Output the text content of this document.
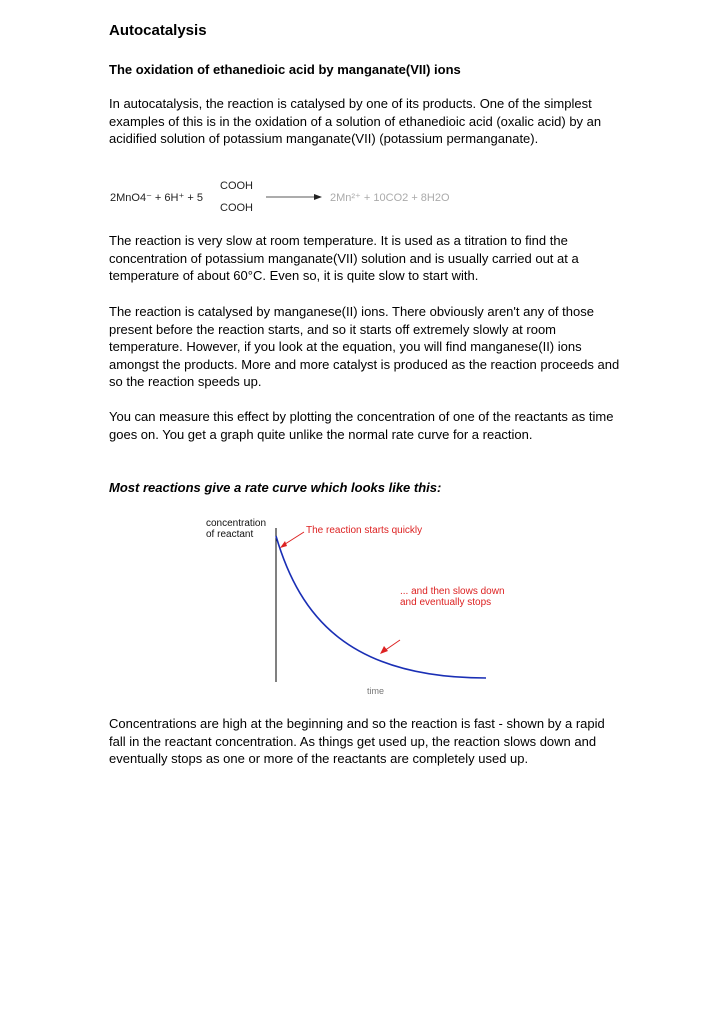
Autocatalysis
The oxidation of ethanedioic acid by manganate(VII) ions

In autocatalysis, the reaction is catalysed by one of its products. One of the simplest examples of this is in the oxidation of a solution of ethanedioic acid (oxalic acid) by an acidified solution of potassium manganate(VII) (potassium permanganate).

2MnO4⁻ + 6H⁺ + 5
COOH
COOH
2Mn²⁺ + 10CO2 + 8H2O

The reaction is very slow at room temperature. It is used as a titration to find the concentration of potassium manganate(VII) solution and is usually carried out at a temperature of about 60°C. Even so, it is quite slow to start with.

The reaction is catalysed by manganese(II) ions. There obviously aren't any of those present before the reaction starts, and so it starts off extremely slowly at room temperature. However, if you look at the equation, you will find manganese(II) ions amongst the products. More and more catalyst is produced as the reaction proceeds and so the reaction speeds up.

You can measure this effect by plotting the concentration of one of the reactants as time goes on. You get a graph quite unlike the normal rate curve for a reaction.

Most reactions give a rate curve which looks like this:

concentration of reactant	The reaction starts quickly
... and then slows down and eventually stops
time

Concentrations are high at the beginning and so the reaction is fast - shown by a rapid fall in the reactant concentration. As things get used up, the reaction slows down and eventually stops as one or more of the reactants are completely used up.
